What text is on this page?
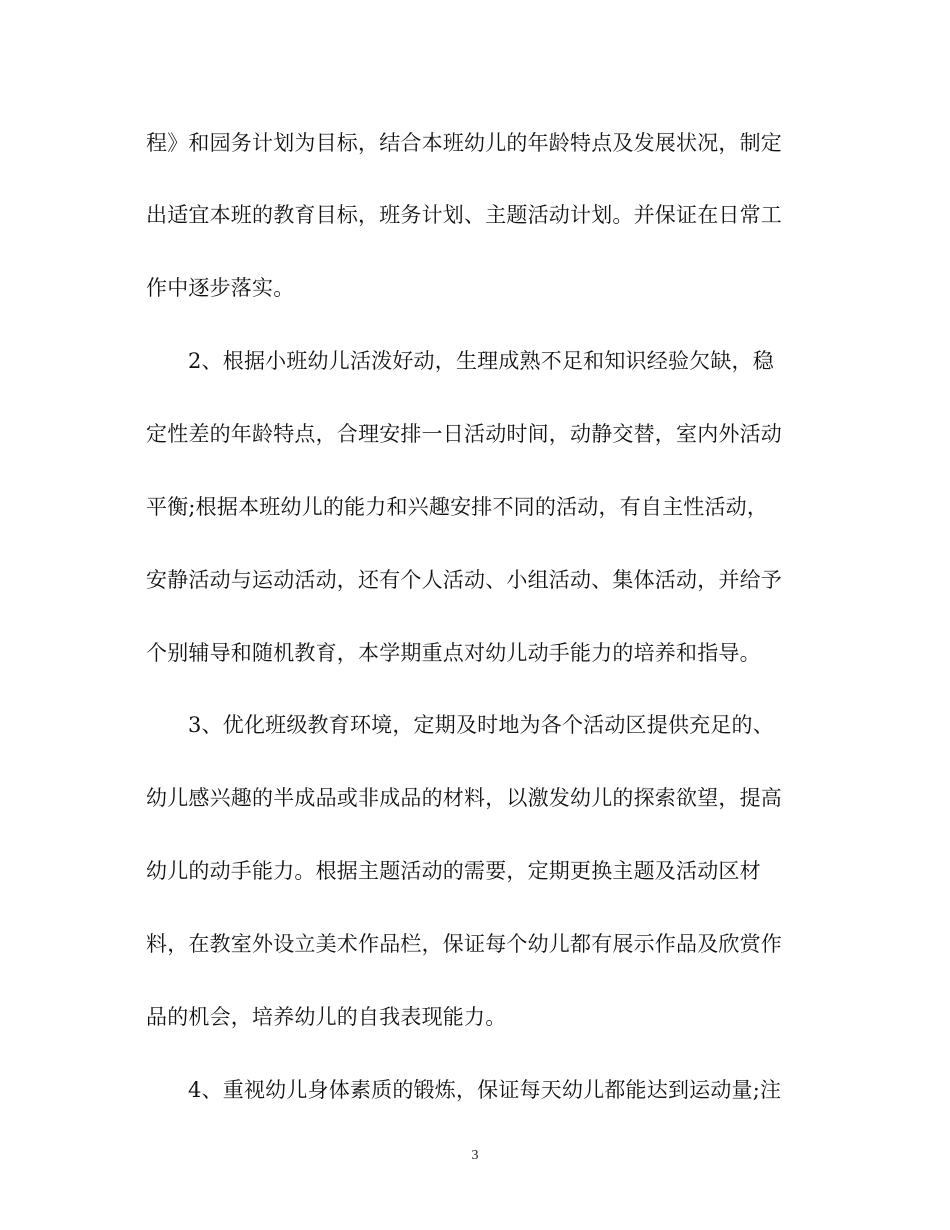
程》和园务计划为目标，结合本班幼儿的年龄特点及发展状况，制定
出适宜本班的教育目标，班务计划、主题活动计划。并保证在日常工
作中逐步落实。
2、根据小班幼儿活泼好动，生理成熟不足和知识经验欠缺，稳
定性差的年龄特点，合理安排一日活动时间，动静交替，室内外活动
平衡;根据本班幼儿的能力和兴趣安排不同的活动，有自主性活动，
安静活动与运动活动，还有个人活动、小组活动、集体活动，并给予
个别辅导和随机教育，本学期重点对幼儿动手能力的培养和指导。
3、优化班级教育环境，定期及时地为各个活动区提供充足的、
幼儿感兴趣的半成品或非成品的材料，以激发幼儿的探索欲望，提高
幼儿的动手能力。根据主题活动的需要，定期更换主题及活动区材
料，在教室外设立美术作品栏，保证每个幼儿都有展示作品及欣赏作
品的机会，培养幼儿的自我表现能力。
4、重视幼儿身体素质的锻炼，保证每天幼儿都能达到运动量;注
3
